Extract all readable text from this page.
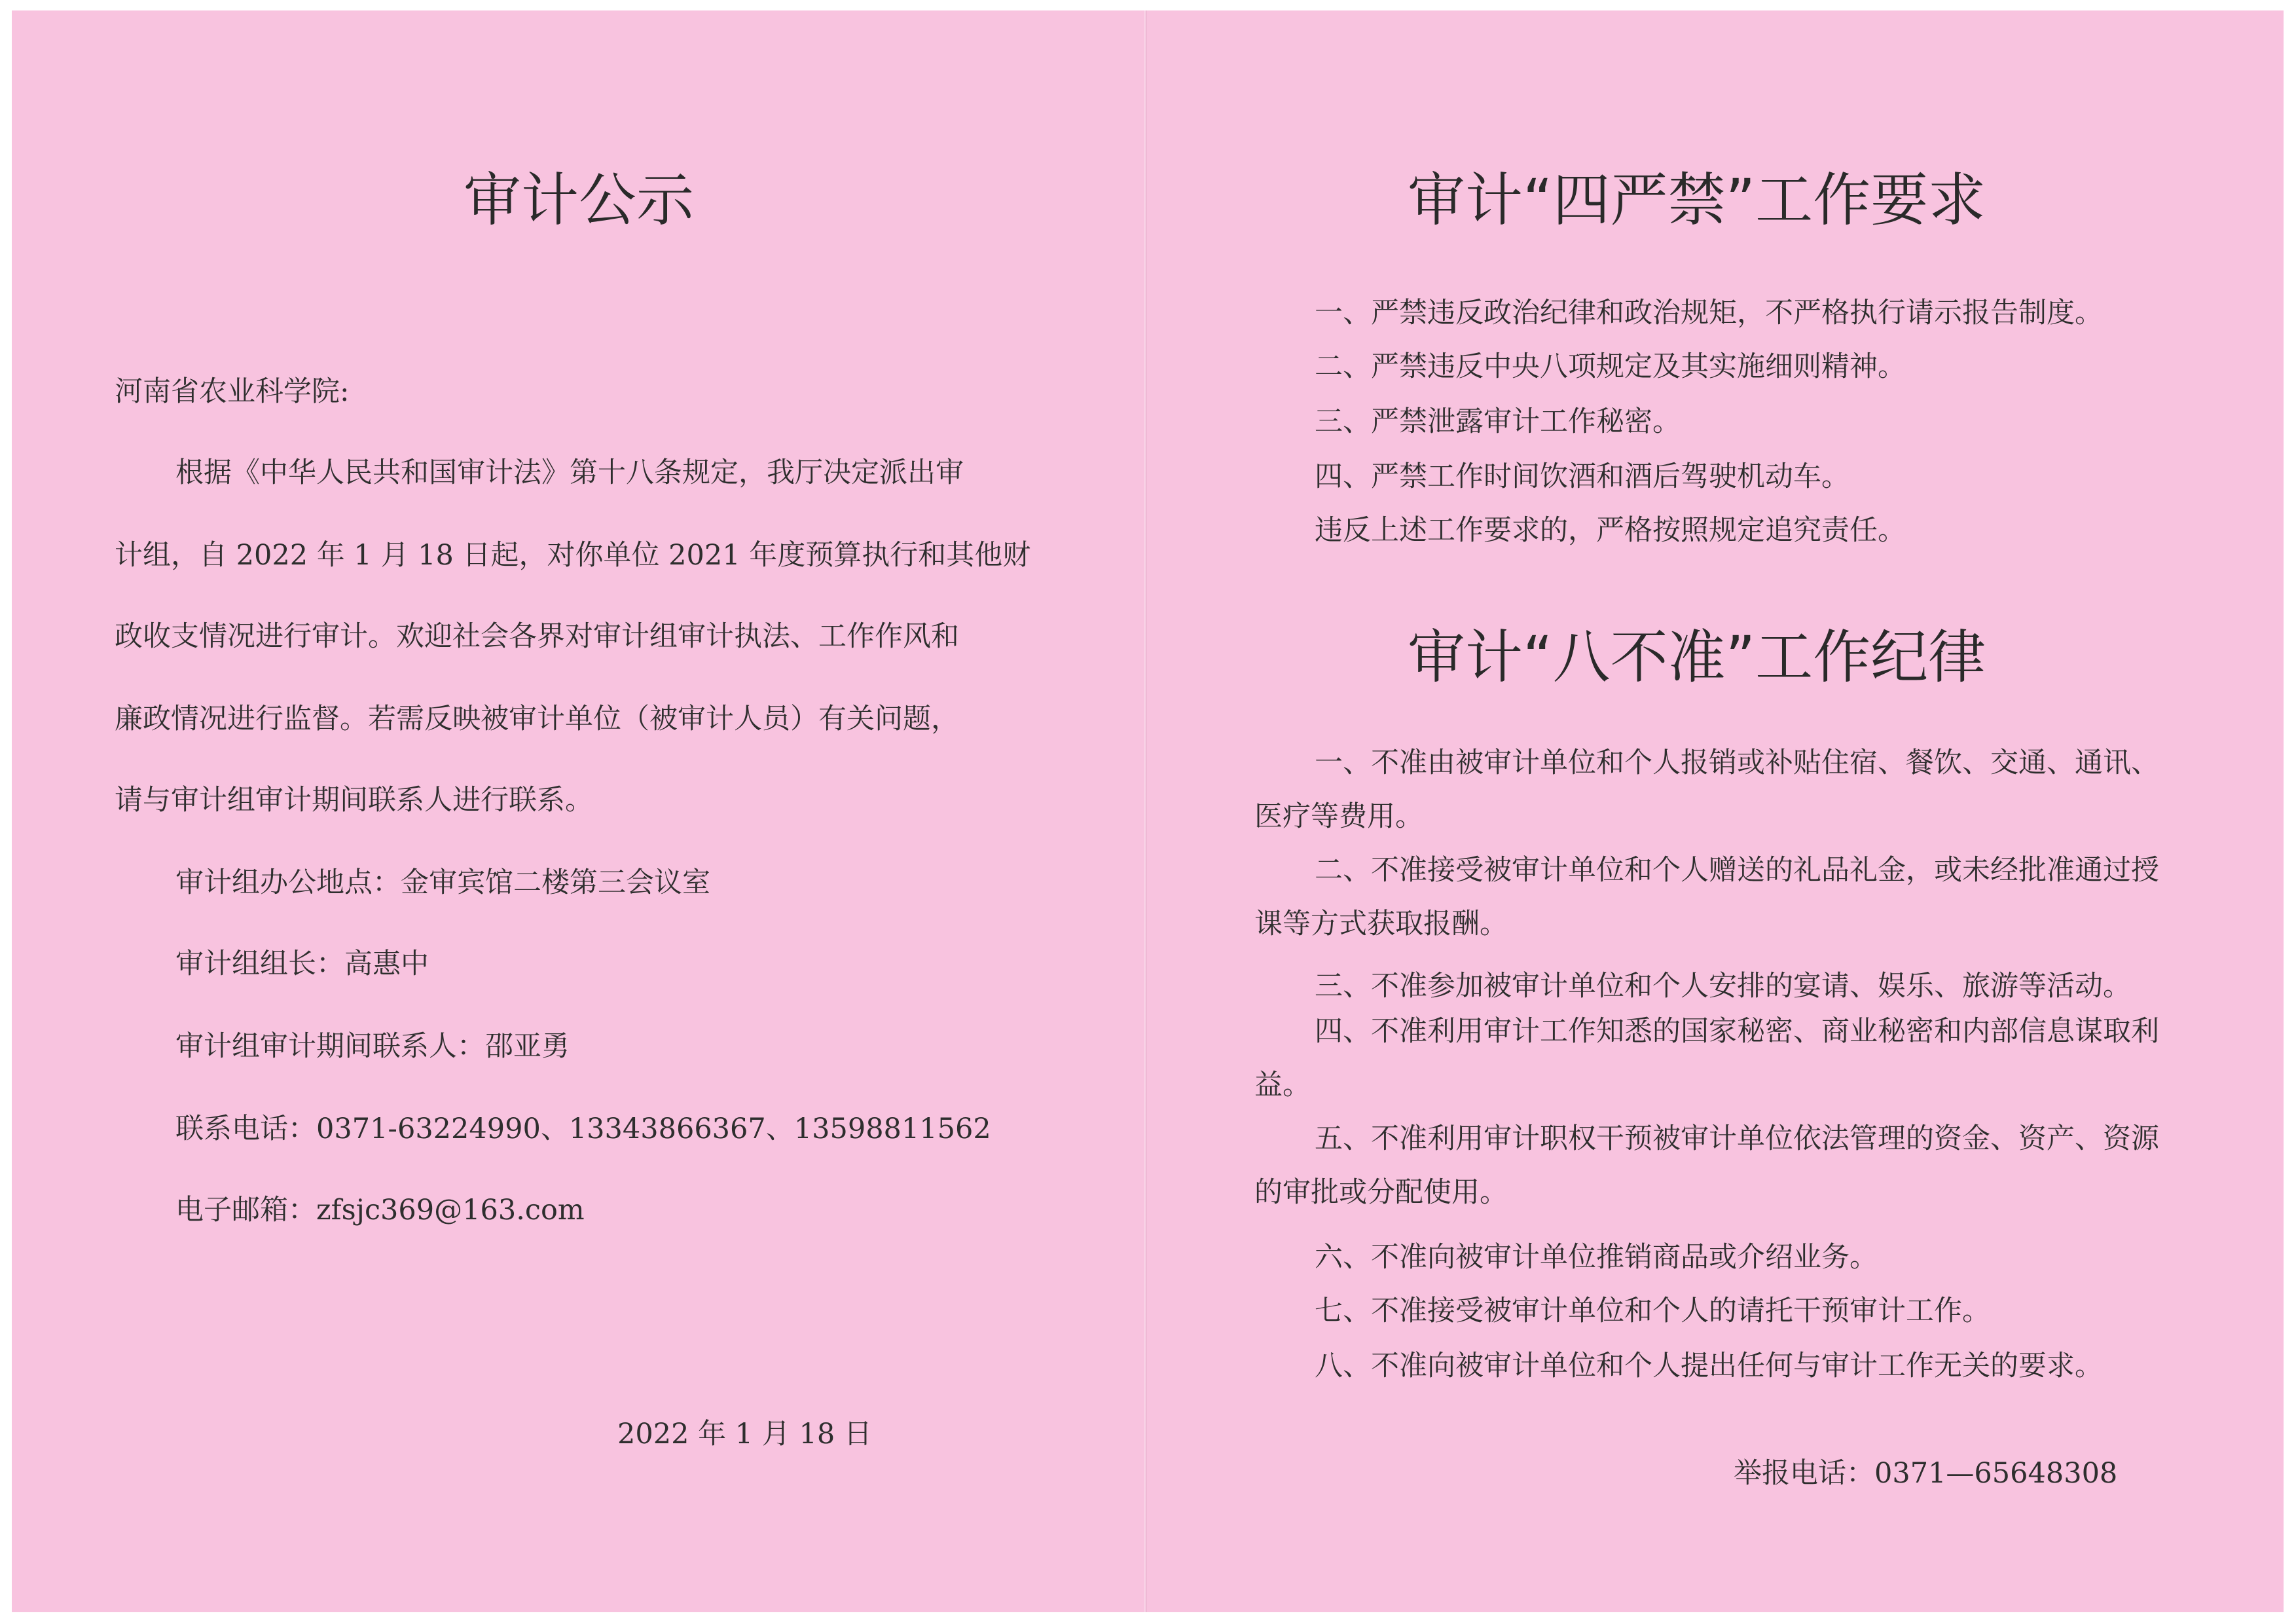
审计公示

河南省农业科学院:

根据《中华人民共和国审计法》第十八条规定，我厅决定派出审

计组，自 2022 年 1 月 18 日起，对你单位 2021 年度预算执行和其他财

政收支情况进行审计。欢迎社会各界对审计组审计执法、工作作风和

廉政情况进行监督。若需反映被审计单位（被审计人员）有关问题，

请与审计组审计期间联系人进行联系。

审计组办公地点：金审宾馆二楼第三会议室

审计组组长：高惠中

审计组审计期间联系人：邵亚勇

联系电话：0371-63224990、13343866367、13598811562

电子邮箱：zfsjc369@163.com

2022 年 1 月 18 日

审计“四严禁”工作要求

一、严禁违反政治纪律和政治规矩，不严格执行请示报告制度。

二、严禁违反中央八项规定及其实施细则精神。

三、严禁泄露审计工作秘密。

四、严禁工作时间饮酒和酒后驾驶机动车。

违反上述工作要求的，严格按照规定追究责任。

审计“八不准”工作纪律

一、不准由被审计单位和个人报销或补贴住宿、餐饮、交通、通讯、医疗等费用。

二、不准接受被审计单位和个人赠送的礼品礼金，或未经批准通过授课等方式获取报酬。

三、不准参加被审计单位和个人安排的宴请、娱乐、旅游等活动。

四、不准利用审计工作知悉的国家秘密、商业秘密和内部信息谋取利益。

五、不准利用审计职权干预被审计单位依法管理的资金、资产、资源的审批或分配使用。

六、不准向被审计单位推销商品或介绍业务。

七、不准接受被审计单位和个人的请托干预审计工作。

八、不准向被审计单位和个人提出任何与审计工作无关的要求。

举报电话：0371—65648308
